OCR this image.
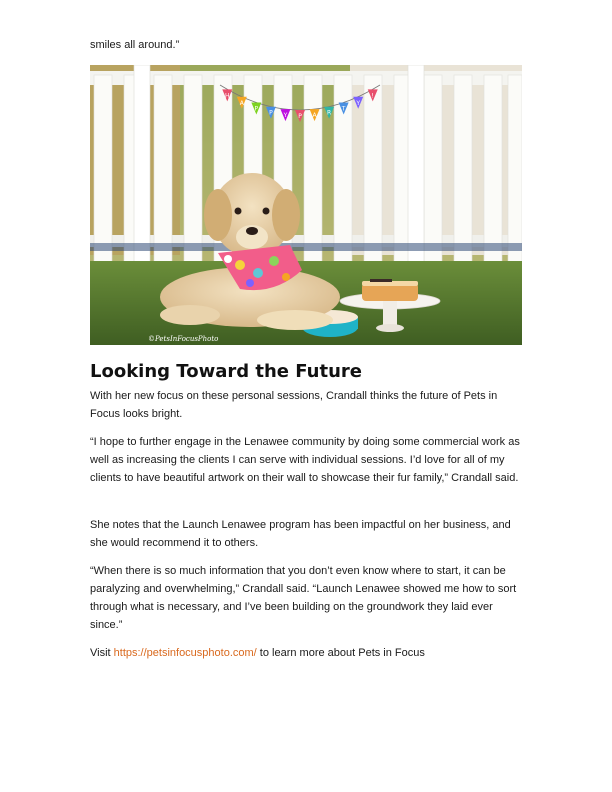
smiles all around.”

H
A
P
P Y P A R
T
Y
!
©PetsInFocusPhoto
Looking Toward the Future

With her new focus on these personal sessions, Crandall thinks the future of Pets in Focus looks bright.

“I hope to further engage in the Lenawee community by doing some commercial work as well as increasing the clients I can serve with individual sessions. I’d love for all of my clients to have beautiful artwork on their wall to showcase their fur family,” Crandall said.

She notes that the Launch Lenawee program has been impactful on her business, and she would recommend it to others.

“When there is so much information that you don’t even know where to start, it can be paralyzing and overwhelming,” Crandall said. “Launch Lenawee showed me how to sort through what is necessary, and I’ve been building on the groundwork they laid ever since.”

Visit https://petsinfocusphoto.com/ to learn more about Pets in Focus
